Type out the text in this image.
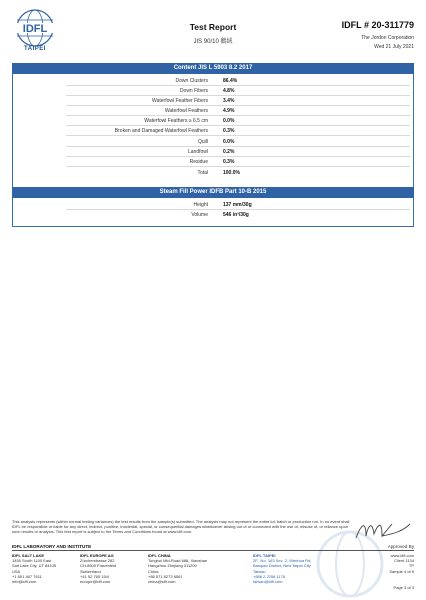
IDFL
TAIPEI
Test Report
JIS 90/10 鵝絨
IDFL # 20-311779
The Jordon Corporation
Wed 21 July 2021
Content JIS L 5903 8.2 2017
Down Clusters	86.4%
Down Fibers	4.8%
Waterfowl Feather Fibers	3.4%
Waterfowl Feathers	4.9%
Waterfowl Feathers ≥ 6.5 cm	0.0%
Broken and Damaged Waterfowl Feathers	0.3%
Quill	0.0%
Landfowl	0.2%
Residue	0.3%
Total	100.0%
Steam Fill Power IDFB Part 10-B 2015
Height	137 mm/30g
Volume	546 in³/30g
This analysis represents (within normal testing variances) the test results from the sample(s) submitted. The analysis may not represent the entire lot, batch or production run. In no event shall IDFL be responsible or liable for any direct, indirect, punitive, incidental, special, or consequential damages whatsoever arising out of or connected with the use of, misuse of, or reliance upon such results or analysis. This test report is subject to the Terms and Conditions found at www.idfl.com.
IDFL LABORATORY AND INSTITUTE	Approved By
IDFL SALT LAKE
1455 South 1100 East
Salt Lake City, UT 84105
USA
+1 801 467 7611
info@idfl.com
IDFL EUROPE AG
Zürcherstrasse 282
CH-8500 Frauenfeld
Switzerland
+41 52 765 15/4
europe@idfl.com
IDFL CHINA
Tonghui Mid-Road 688, Xiaoshan
Hangzhou Zhejiang 311200
China
+86 571 8273 6561
china@idfl.com
IDFL TAIPEI
2F., No. 163 Sec. 2, Wenhua Rd.
Banqiao District, New Taipei City
Taiwan
+886 2 2258 1176
taiwan@idfl.com
www.idfl.com
Client 1134
TP
Sample 4 of 5
Page 3 of 3
